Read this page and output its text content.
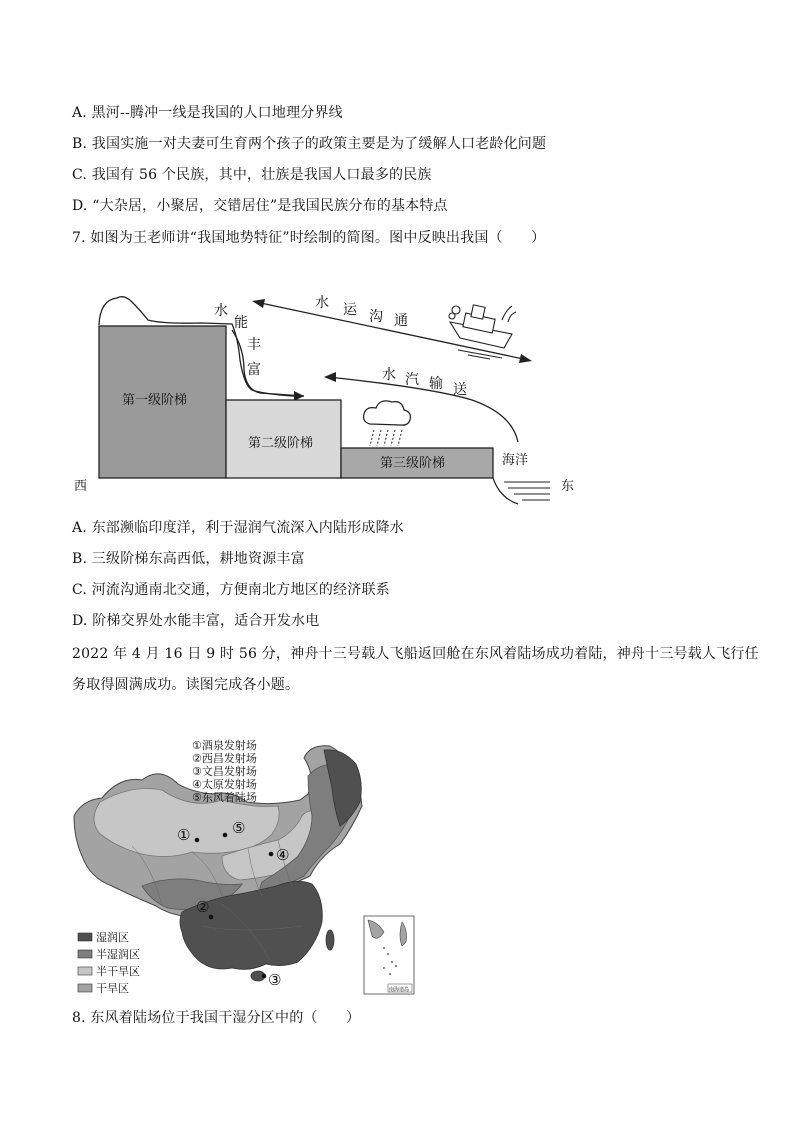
A. 黑河--腾冲一线是我国的人口地理分界线
B. 我国实施一对夫妻可生育两个孩子的政策主要是为了缓解人口老龄化问题
C. 我国有 56 个民族，其中，壮族是我国人口最多的民族
D. “大杂居，小聚居，交错居住”是我国民族分布的基本特点
7. 如图为王老师讲“我国地势特征”时绘制的简图。图中反映出我国（　　）
第一级阶梯
第二级阶梯
第三级阶梯	海洋
西	东
水
能
丰
富
水 运 沟 通
水 汽 输 送
A. 东部濒临印度洋，利于湿润气流深入内陆形成降水
B. 三级阶梯东高西低，耕地资源丰富
C. 河流沟通南北交通，方便南北方地区的经济联系
D. 阶梯交界处水能丰富，适合开发水电
2022 年 4 月 16 日 9 时 56 分，神舟十三号载人飞船返回舱在东风着陆场成功着陆，神舟十三号载人飞行任
务取得圆满成功。读图完成各小题。
①	⑤
④
②
③
①酒泉发射场
②西昌发射场
③文昌发射场
④太原发射场
⑤东风着陆场
湿润区
半湿润区
半干旱区
干旱区	南海诸岛
8. 东风着陆场位于我国干湿分区中的（　　）
